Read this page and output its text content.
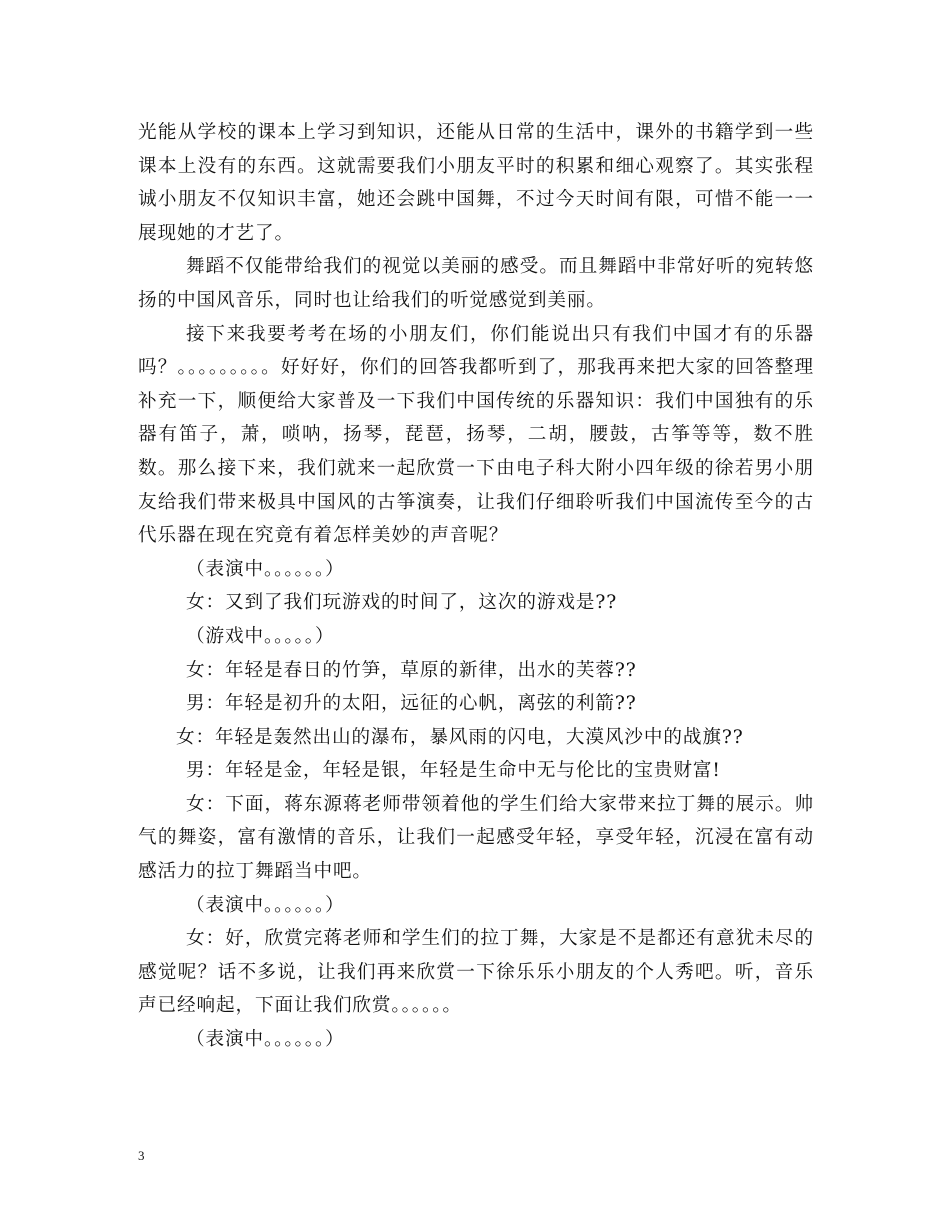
光能从学校的课本上学习到知识，还能从日常的生活中，课外的书籍学到一些课本上没有的东西。这就需要我们小朋友平时的积累和细心观察了。其实张程诚小朋友不仅知识丰富，她还会跳中国舞，不过今天时间有限，可惜不能一一展现她的才艺了。

舞蹈不仅能带给我们的视觉以美丽的感受。而且舞蹈中非常好听的宛转悠扬的中国风音乐，同时也让给我们的听觉感觉到美丽。

接下来我要考考在场的小朋友们，你们能说出只有我们中国才有的乐器吗？。。。。。。。。。好好好，你们的回答我都听到了，那我再来把大家的回答整理补充一下，顺便给大家普及一下我们中国传统的乐器知识：我们中国独有的乐器有笛子，萧，唢呐，扬琴，琵琶，扬琴，二胡，腰鼓，古筝等等，数不胜数。那么接下来，我们就来一起欣赏一下由电子科大附小四年级的徐若男小朋友给我们带来极具中国风的古筝演奏，让我们仔细聆听我们中国流传至今的古代乐器在现在究竟有着怎样美妙的声音呢？

（表演中。。。。。。）

女：又到了我们玩游戏的时间了，这次的游戏是??

（游戏中。。。。。）

女：年轻是春日的竹笋，草原的新律，出水的芙蓉??

男：年轻是初升的太阳，远征的心帆，离弦的利箭??

女：年轻是轰然出山的瀑布，暴风雨的闪电，大漠风沙中的战旗??

男：年轻是金，年轻是银，年轻是生命中无与伦比的宝贵财富!

女：下面，蒋东源蒋老师带领着他的学生们给大家带来拉丁舞的展示。帅气的舞姿，富有激情的音乐，让我们一起感受年轻，享受年轻，沉浸在富有动感活力的拉丁舞蹈当中吧。

（表演中。。。。。。）

女：好，欣赏完蒋老师和学生们的拉丁舞，大家是不是都还有意犹未尽的感觉呢？话不多说，让我们再来欣赏一下徐乐乐小朋友的个人秀吧。听，音乐声已经响起，下面让我们欣赏。。。。。。

（表演中。。。。。。）

3
